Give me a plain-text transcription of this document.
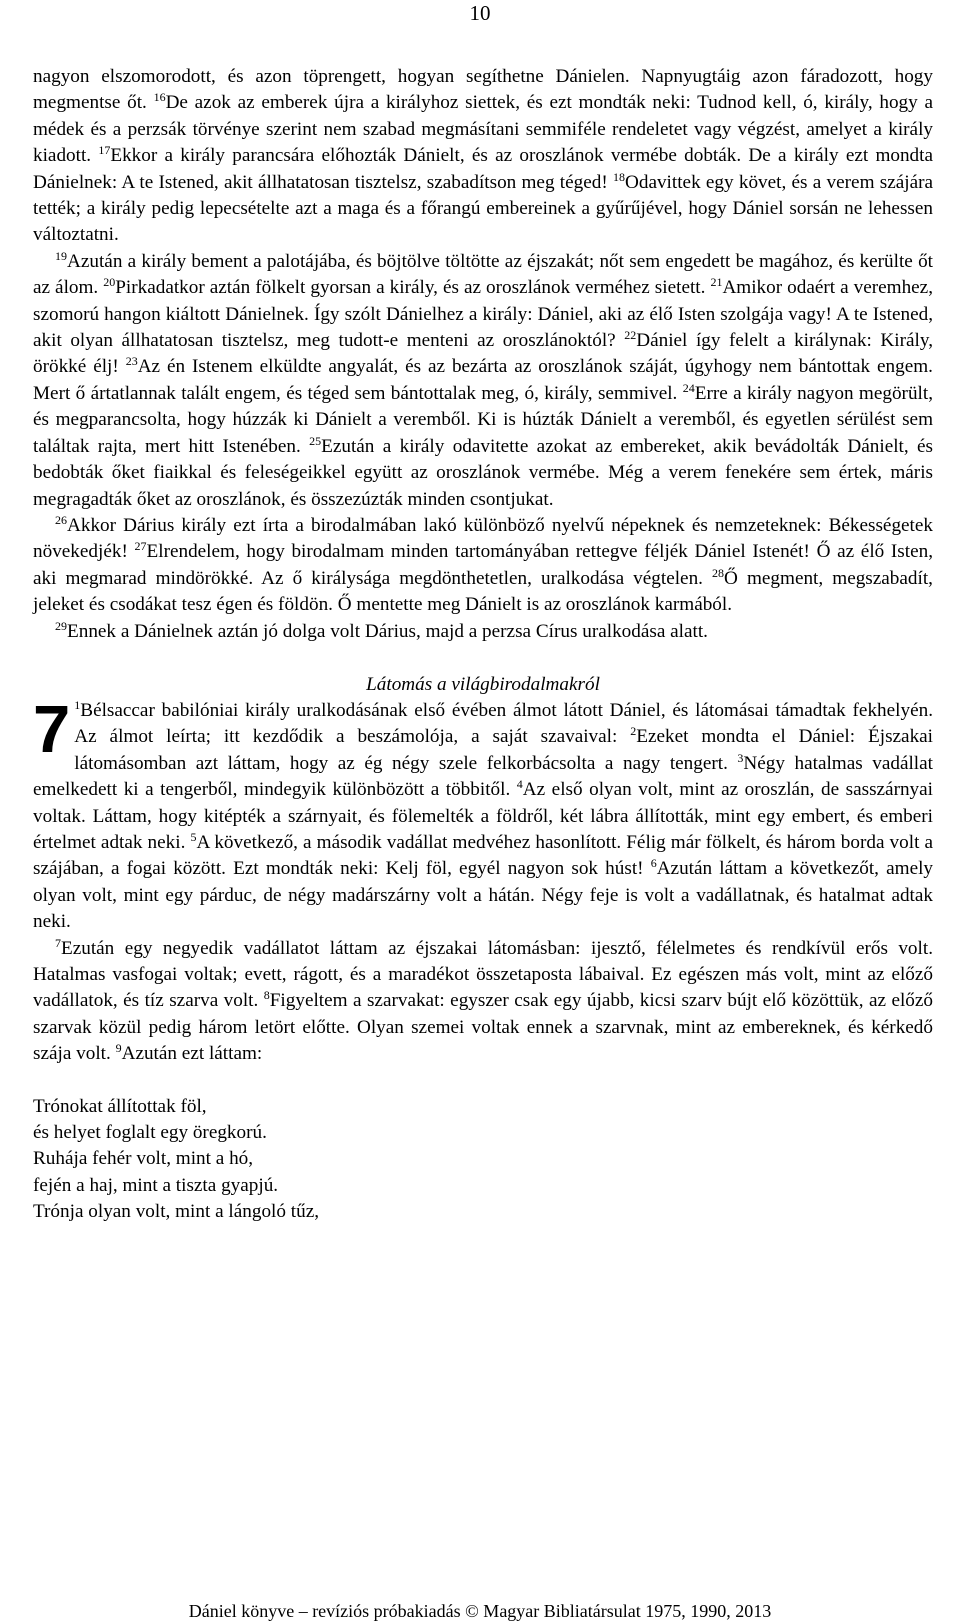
10

nagyon elszomorodott, és azon töprengett, hogyan segíthetne Dánielen. Napnyugtáig azon fáradozott, hogy megmentse őt. $^{16}$De azok az emberek újra a királyhoz siettek, és ezt mondták neki: Tudnod kell, ó, király, hogy a médek és a perzsák törvénye szerint nem szabad megmásítani semmiféle rendeletet vagy végzést, amelyet a király kiadott. $^{17}$Ekkor a király parancsára előhozták Dánielt, és az oroszlánok vermébe dobták. De a király ezt mondta Dánielnek: A te Istened, akit állhatatosan tisztelsz, szabadítson meg téged! $^{18}$Odavittek egy követ, és a verem szájára tették; a király pedig lepecsételte azt a maga és a főrangú embereinek a gyűrűjével, hogy Dániel sorsán ne lehessen változtatni.

$^{19}$Azután a király bement a palotájába, és böjtölve töltötte az éjszakát; nőt sem engedett be magához, és kerülte őt az álom. $^{20}$Pirkadatkor aztán fölkelt gyorsan a király, és az oroszlánok verméhez sietett. $^{21}$Amikor odaért a veremhez, szomorú hangon kiáltott Dánielnek. Így szólt Dánielhez a király: Dániel, aki az élő Isten szolgája vagy! A te Istened, akit olyan állhatatosan tisztelsz, meg tudott-e menteni az oroszlánoktól? $^{22}$Dániel így felelt a királynak: Király, örökké élj! $^{23}$Az én Istenem elküldte angyalát, és az bezárta az oroszlánok száját, úgyhogy nem bántottak engem. Mert ő ártatlannak talált engem, és téged sem bántottalak meg, ó, király, semmivel. $^{24}$Erre a király nagyon megörült, és megparancsolta, hogy húzzák ki Dánielt a veremből. Ki is húzták Dánielt a veremből, és egyetlen sérülést sem találtak rajta, mert hitt Istenében. $^{25}$Ezután a király odavitette azokat az embereket, akik bevádolták Dánielt, és bedobták őket fiaikkal és feleségeikkel együtt az oroszlánok vermébe. Még a verem fenekére sem értek, máris megragadták őket az oroszlánok, és összezúzták minden csontjukat.

$^{26}$Akkor Dárius király ezt írta a birodalmában lakó különböző nyelvű népeknek és nemzeteknek: Békességetek növekedjék! $^{27}$Elrendelem, hogy birodalmam minden tartományában rettegve féljék Dániel Istenét! Ő az élő Isten, aki megmarad mindörökké. Az ő királysága megdönthetetlen, uralkodása végtelen. $^{28}$Ő megment, megszabadít, jeleket és csodákat tesz égen és földön. Ő mentette meg Dánielt is az oroszlánok karmából.

$^{29}$Ennek a Dánielnek aztán jó dolga volt Dárius, majd a perzsa Círus uralkodása alatt.

Látomás a világbirodalmakról

7 $^1$Bélsaccar babilóniai király uralkodásának első évében álmot látott Dániel, és látomásai támadtak fekhelyén. Az álmot leírta; itt kezdődik a beszámolója, a saját szavaival: $^2$Ezeket mondta el Dániel: Éjszakai látomásomban azt láttam, hogy az ég négy szele felkorbácsolta a nagy tengert. $^3$Négy hatalmas vadállat emelkedett ki a tengerből, mindegyik különbözött a többitől. $^4$Az első olyan volt, mint az oroszlán, de sasszárnyai voltak. Láttam, hogy kitépték a szárnyait, és fölemelték a földről, két lábra állították, mint egy embert, és emberi értelmet adtak neki. $^5$A következő, a második vadállat medvéhez hasonlított. Félig már fölkelt, és három borda volt a szájában, a fogai között. Ezt mondták neki: Kelj föl, egyél nagyon sok húst! $^6$Azután láttam a következőt, amely olyan volt, mint egy párduc, de négy madárszárny volt a hátán. Négy feje is volt a vadállatnak, és hatalmat adtak neki.

$^7$Ezután egy negyedik vadállatot láttam az éjszakai látomásban: ijesztő, félelmetes és rendkívül erős volt. Hatalmas vasfogai voltak; evett, rágott, és a maradékot összetaposta lábaival. Ez egészen más volt, mint az előző vadállatok, és tíz szarva volt. $^8$Figyeltem a szarvakat: egyszer csak egy újabb, kicsi szarv bújt elő közöttük, az előző szarvak közül pedig három letört előtte. Olyan szemei voltak ennek a szarvnak, mint az embereknek, és kérkedő szája volt. $^9$Azután ezt láttam:

Trónokat állítottak föl,
és helyet foglalt egy öregkorú.
Ruhája fehér volt, mint a hó,
fején a haj, mint a tiszta gyapjú.
Trónja olyan volt, mint a lángoló tűz,
Dániel könyve – revíziós próbakiadás © Magyar Bibliatársulat 1975, 1990, 2013
